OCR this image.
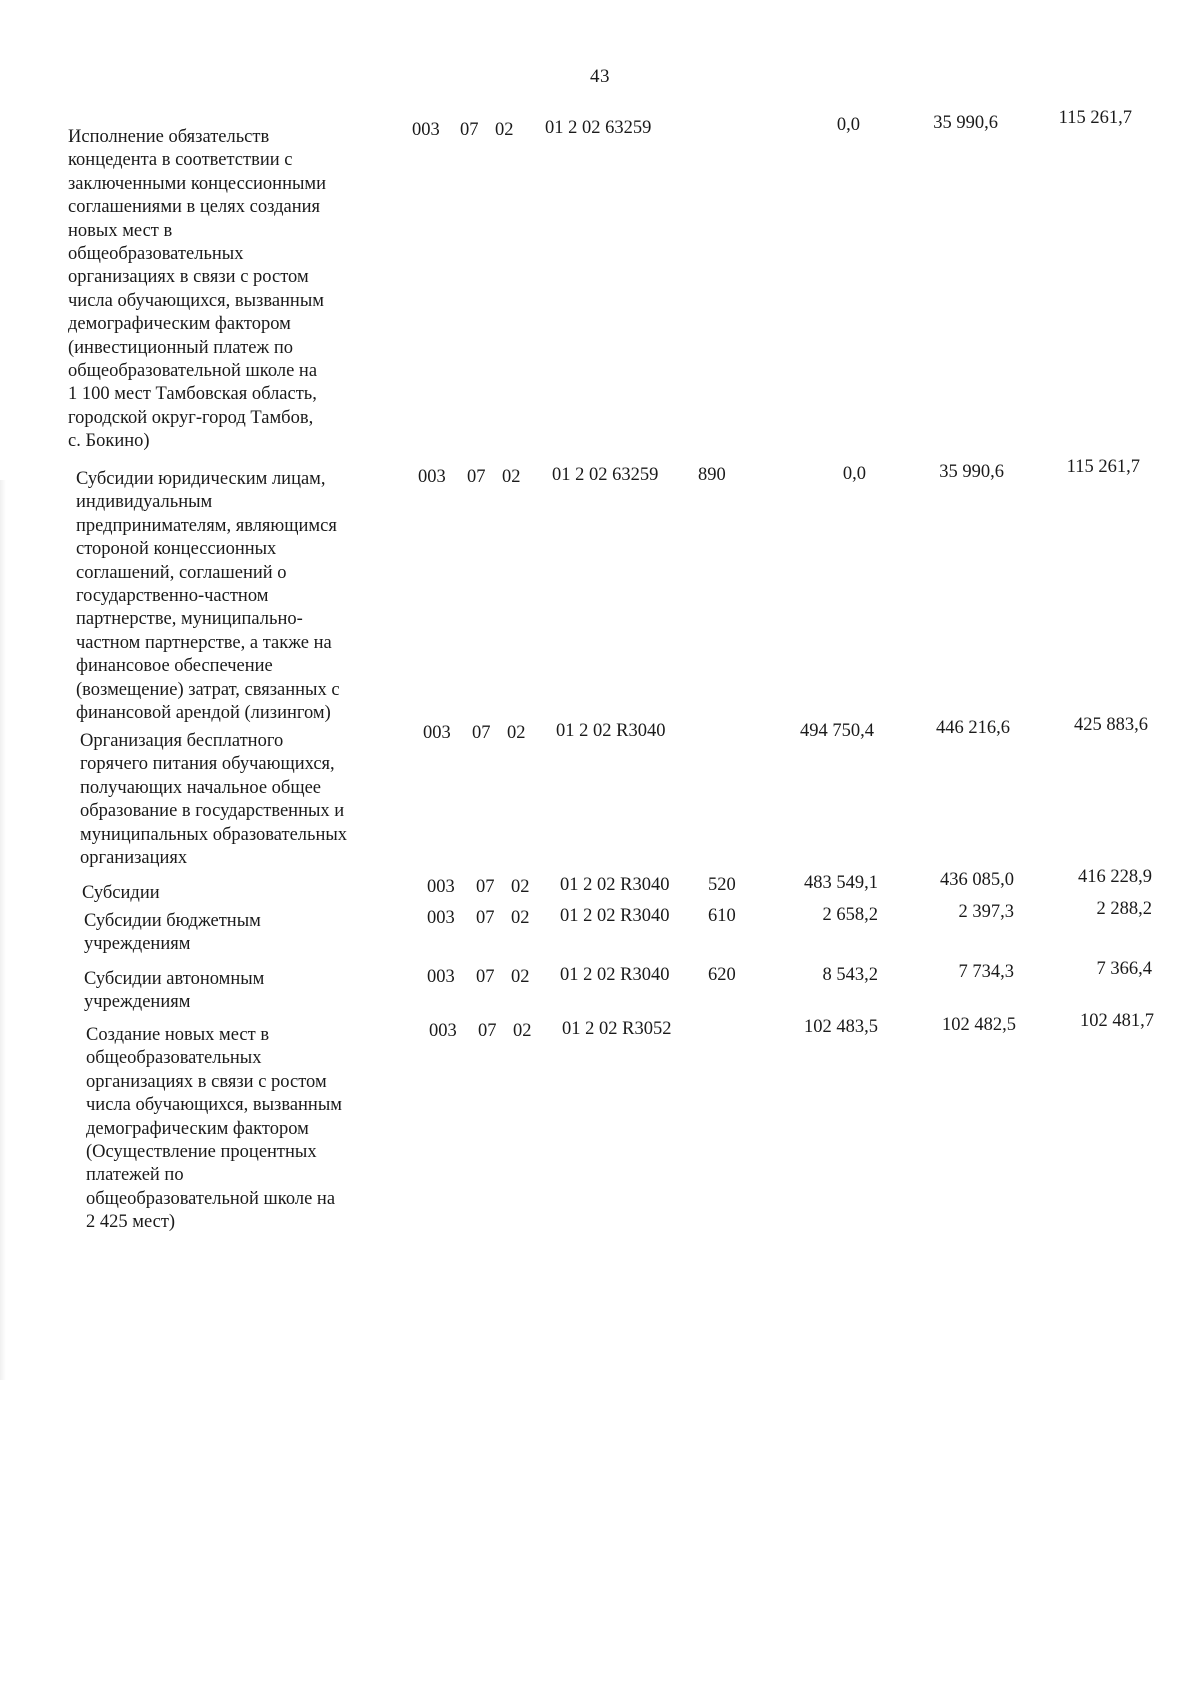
43
Исполнение обязательств
концедента в соответствии с
заключенными концессионными
соглашениями в целях создания
новых мест в
общеобразовательных
организациях в связи с ростом
числа обучающихся, вызванным
демографическим фактором
(инвестиционный платеж по
общеобразовательной школе на
1 100 мест Тамбовская область,
городской округ-город Тамбов,
с. Бокино)
003 07 02 01 2 02 63259	0,0	35 990,6	115 261,7
Субсидии юридическим лицам,
индивидуальным
предпринимателям, являющимся
стороной концессионных
соглашений, соглашений о
государственно-частном
партнерстве, муниципально-
частном партнерстве, а также на
финансовое обеспечение
(возмещение) затрат, связанных с
финансовой арендой (лизингом)
003 07 02 01 2 02 63259 890	0,0	35 990,6	115 261,7
Организация бесплатного
горячего питания обучающихся,
получающих начальное общее
образование в государственных и
муниципальных образовательных
организациях
003 07 02 01 2 02 R3040	494 750,4	446 216,6	425 883,6
Субсидии	003 07 02 01 2 02 R3040 520	483 549,1	436 085,0	416 228,9
Субсидии бюджетным
учреждениям
003 07 02 01 2 02 R3040 610	2 658,2	2 397,3	2 288,2
Субсидии автономным
учреждениям
003 07 02 01 2 02 R3040 620	8 543,2	7 734,3	7 366,4
Создание новых мест в
общеобразовательных
организациях в связи с ростом
числа обучающихся, вызванным
демографическим фактором
(Осуществление процентных
платежей по
общеобразовательной школе на
2 425 мест)
003 07 02 01 2 02 R3052	102 483,5	102 482,5	102 481,7
